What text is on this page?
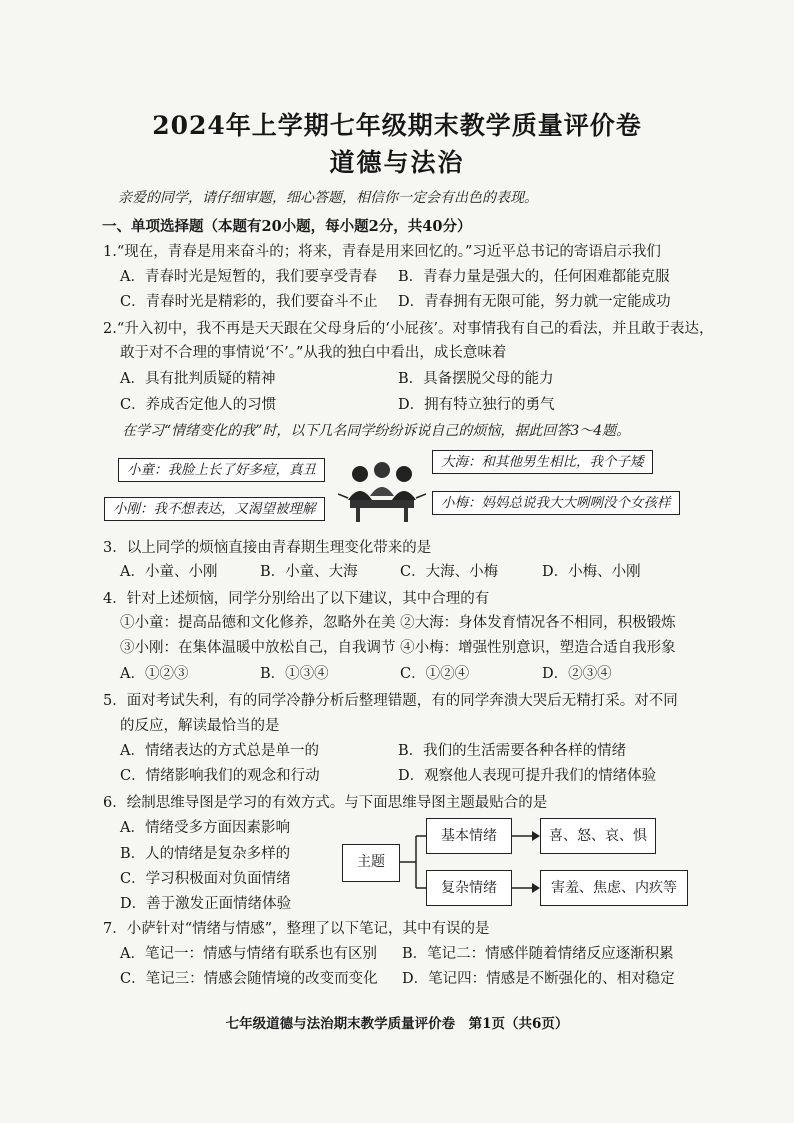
2024年上学期七年级期末教学质量评价卷
道德与法治
亲爱的同学，请仔细审题，细心答题，相信你一定会有出色的表现。
一、单项选择题（本题有20小题，每小题2分，共40分）
1.“现在，青春是用来奋斗的；将来，青春是用来回忆的。”习近平总书记的寄语启示我们
A．青春时光是短暂的，我们要享受青春 B．青春力量是强大的，任何困难都能克服
C．青春时光是精彩的，我们要奋斗不止 D．青春拥有无限可能，努力就一定能成功
2.“升入初中，我不再是天天跟在父母身后的‘小屁孩’。对事情我有自己的看法，并且敢于表达，
敢于对不合理的事情说‘不’。”从我的独白中看出，成长意味着
A．具有批判质疑的精神	B．具备摆脱父母的能力
C．养成否定他人的习惯	D．拥有特立独行的勇气
在学习“情绪变化的我”时，以下几名同学纷纷诉说自己的烦恼，据此回答3～4题。
小童：我脸上长了好多痘，真丑	大海：和其他男生相比，我个子矮
小刚：我不想表达，又渴望被理解	小梅：妈妈总说我大大咧咧没个女孩样
3．以上同学的烦恼直接由青春期生理变化带来的是
A．小童、小刚	B．小童、大海	C．大海、小梅	D．小梅、小刚
4．针对上述烦恼，同学分别给出了以下建议，其中合理的有
①小童：提高品德和文化修养，忽略外在美 ②大海：身体发育情况各不相同，积极锻炼
③小刚：在集体温暖中放松自己，自我调节 ④小梅：增强性别意识，塑造合适自我形象
A．①②③	B．①③④	C．①②④	D．②③④
5．面对考试失利，有的同学冷静分析后整理错题，有的同学奔溃大哭后无精打采。对不同
的反应，解读最恰当的是
A．情绪表达的方式总是单一的	B．我们的生活需要各种各样的情绪
C．情绪影响我们的观念和行动	D．观察他人表现可提升我们的情绪体验
6．绘制思维导图是学习的有效方式。与下面思维导图主题最贴合的是
A．情绪受多方面因素影响
B．人的情绪是复杂多样的
C．学习积极面对负面情绪
D．善于激发正面情绪体验
主题
基本情绪	喜、怒、哀、惧
复杂情绪	害羞、焦虑、内疚等
7．小萨针对“情绪与情感”，整理了以下笔记，其中有误的是
A．笔记一：情感与情绪有联系也有区别 B．笔记二：情感伴随着情绪反应逐渐积累
C．笔记三：情感会随情境的改变而变化 D．笔记四：情感是不断强化的、相对稳定
七年级道德与法治期末教学质量评价卷　第1页（共6页）
